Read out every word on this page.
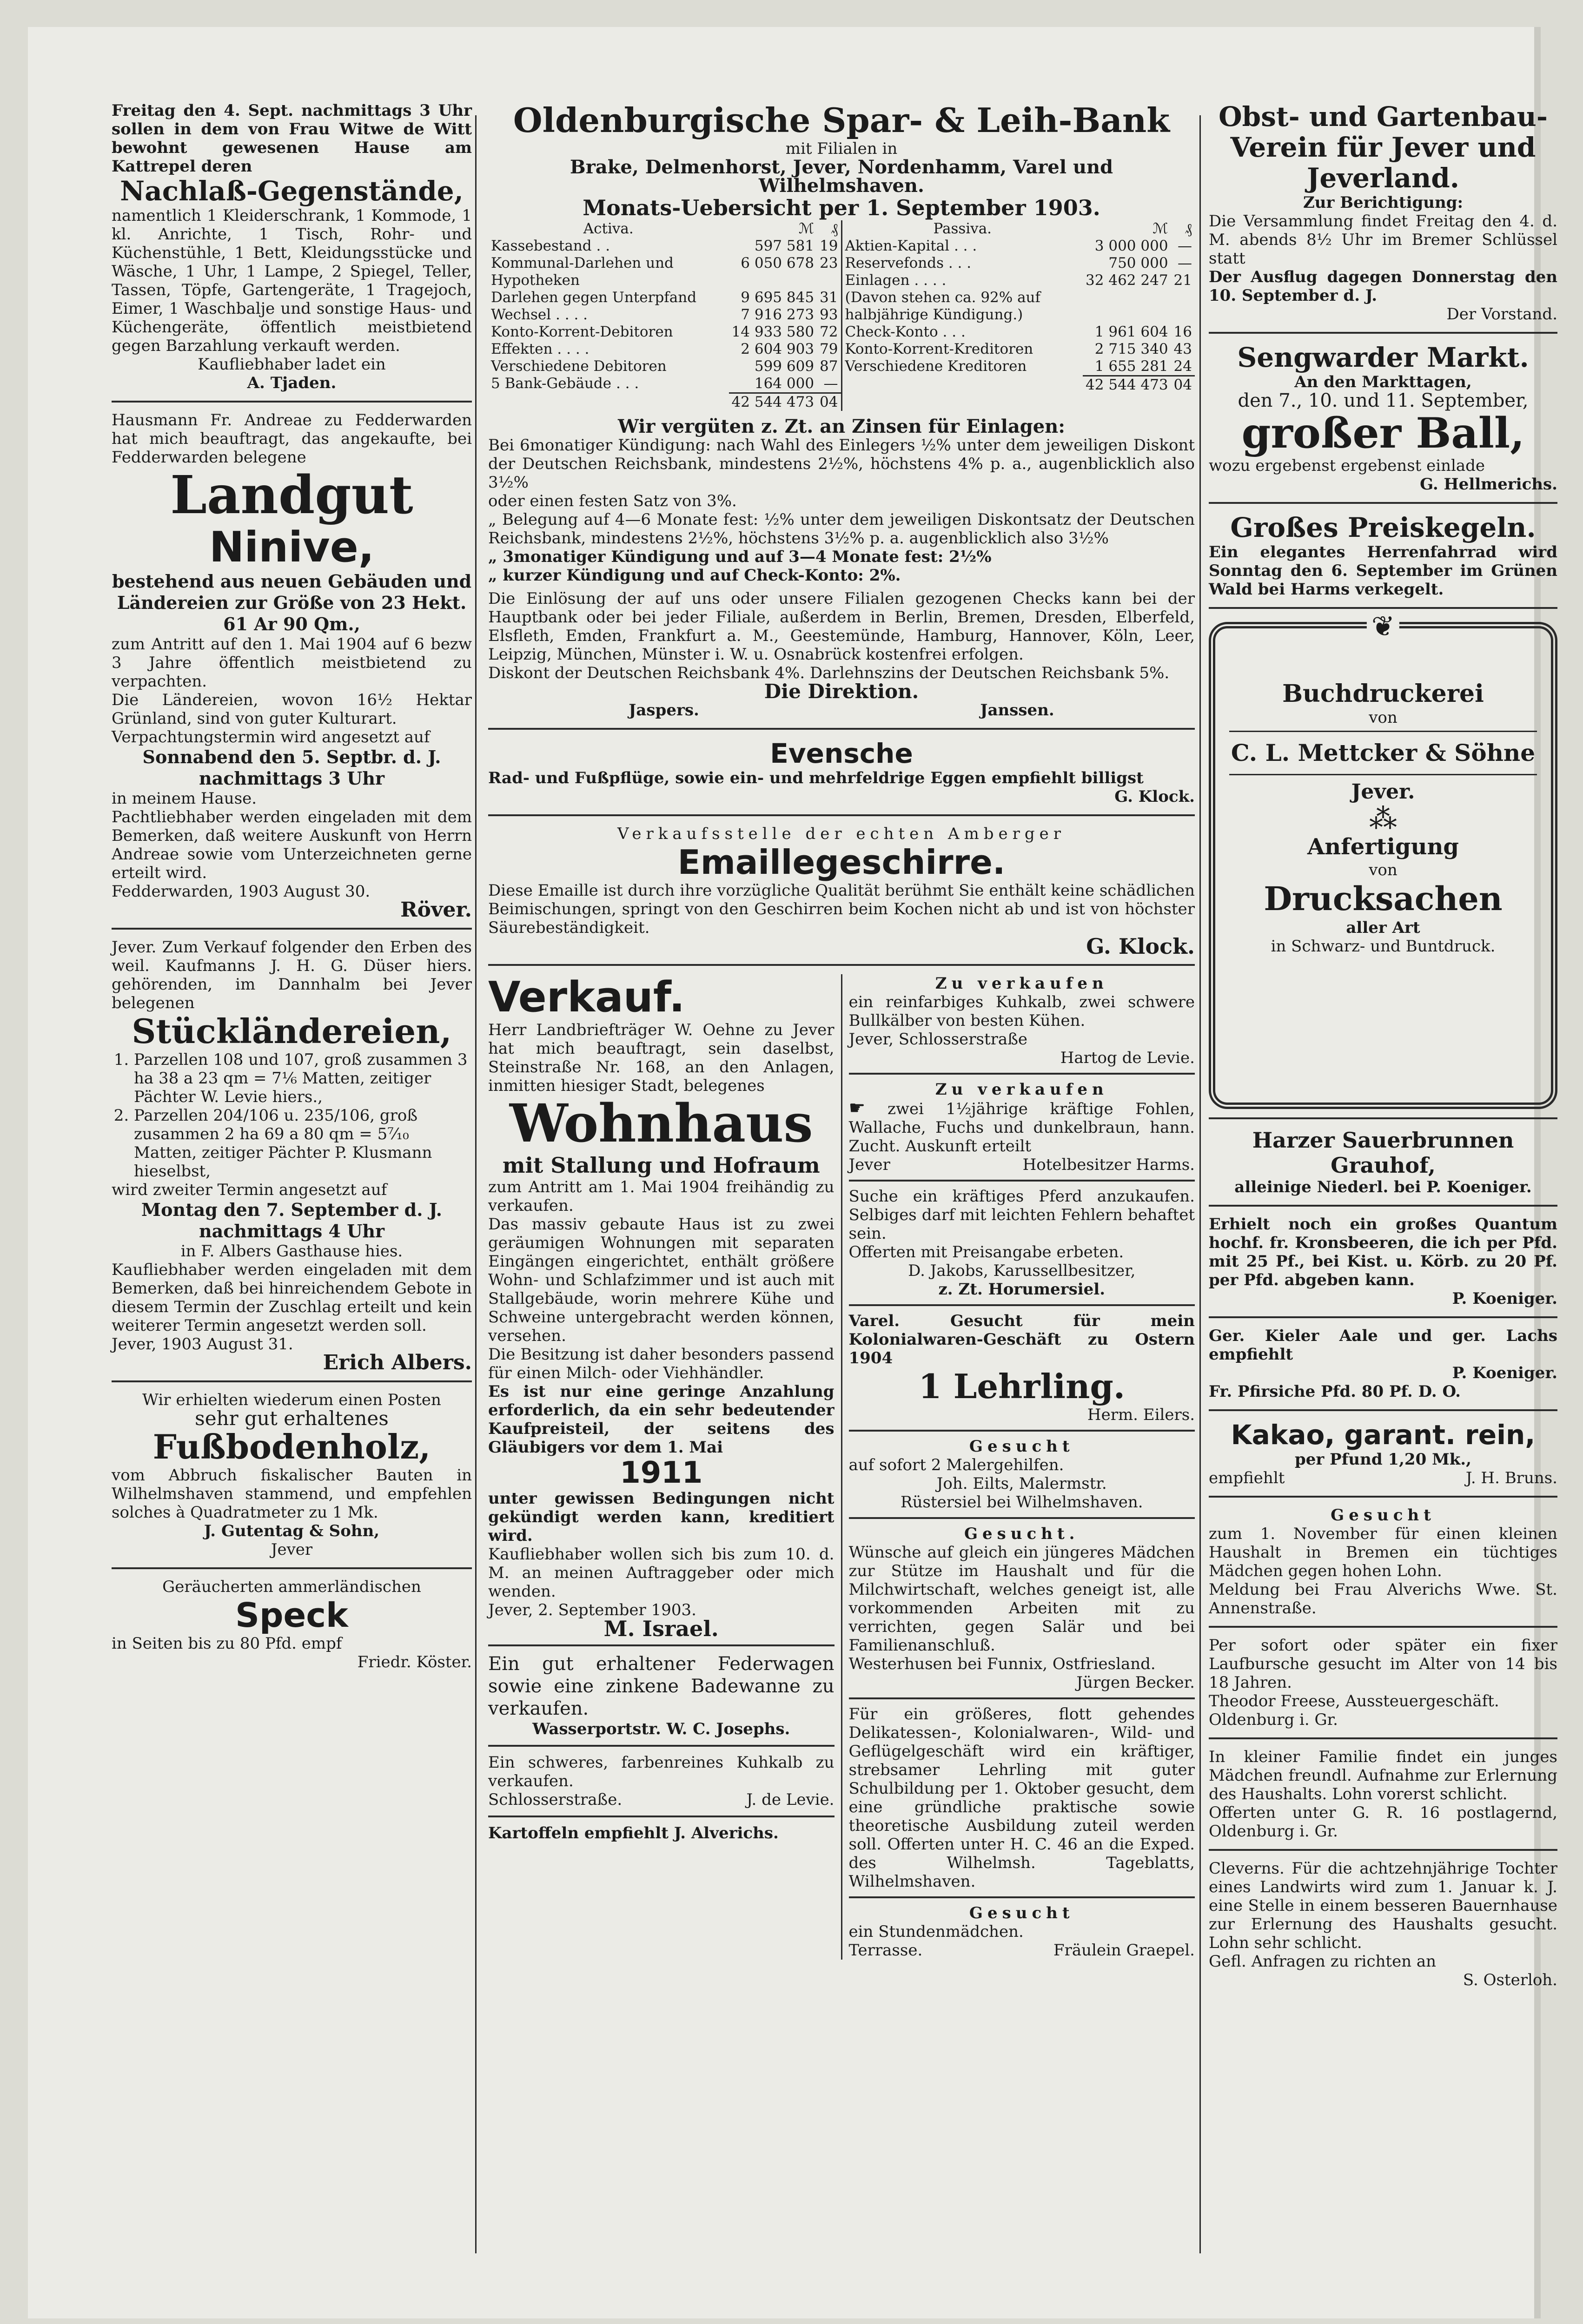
Freitag den 4. Sept. nachmittags 3 Uhr sollen in dem von Frau Witwe de Witt bewohnt gewesenen Hause am Kattrepel deren

Nachlaß-Gegenstände,

namentlich 1 Kleiderschrank, 1 Kommode, 1 kl. Anrichte, 1 Tisch, Rohr- und Küchenstühle, 1 Bett, Kleidungsstücke und Wäsche, 1 Uhr, 1 Lampe, 2 Spiegel, Teller, Tassen, Töpfe, Gartengeräte, 1 Tragejoch, Eimer, 1 Waschbalje und sonstige Haus- und Küchengeräte, öffentlich meistbietend gegen Barzahlung verkauft werden.

Kaufliebhaber ladet ein

A. Tjaden.

Hausmann Fr. Andreae zu Fedderwarden hat mich beauftragt, das angekaufte, bei Fedderwarden belegene

Landgut

Ninive,

bestehend aus neuen Gebäuden und Ländereien zur Größe von 23 Hekt. 61 Ar 90 Qm.,

zum Antritt auf den 1. Mai 1904 auf 6 bezw 3 Jahre öffentlich meistbietend zu verpachten.

Die Ländereien, wovon 16½ Hektar Grünland, sind von guter Kulturart.

Verpachtungstermin wird angesetzt auf

Sonnabend den 5. Septbr. d. J. nachmittags 3 Uhr

in meinem Hause.

Pachtliebhaber werden eingeladen mit dem Bemerken, daß weitere Auskunft von Herrn Andreae sowie vom Unterzeichneten gerne erteilt wird.

Fedderwarden, 1903 August 30.

Röver.

Jever. Zum Verkauf folgender den Erben des weil. Kaufmanns J. H. G. Düser hiers. gehörenden, im Dannhalm bei Jever belegenen

Stückländereien,

1. Parzellen 108 und 107, groß zusammen 3 ha 38 a 23 qm = 7⅙ Matten, zeitiger Pächter W. Levie hiers.,
2. Parzellen 204/106 u. 235/106, groß zusammen 2 ha 69 a 80 qm = 5⁷⁄₁₀ Matten, zeitiger Pächter P. Klusmann hieselbst,

wird zweiter Termin angesetzt auf

Montag den 7. September d. J. nachmittags 4 Uhr

in F. Albers Gasthause hies.

Kaufliebhaber werden eingeladen mit dem Bemerken, daß bei hinreichendem Gebote in diesem Termin der Zuschlag erteilt und kein weiterer Termin angesetzt werden soll.

Jever, 1903 August 31.

Erich Albers.

Wir erhielten wiederum einen Posten

sehr gut erhaltenes

Fußbodenholz,

vom Abbruch fiskalischer Bauten in Wilhelmshaven stammend, und empfehlen solches à Quadratmeter zu 1 Mk.

J. Gutentag & Sohn,

Jever

Geräucherten ammerländischen

Speck

in Seiten bis zu 80 Pfd. empf

Friedr. Köster.

Oldenburgische Spar- & Leih-Bank

mit Filialen in

Brake, Delmenhorst, Jever, Nordenhamm, Varel und Wilhelmshaven.

Monats-Uebersicht per 1. September 1903.

Activa.	ℳ	₰
Kassebestand . .	597 581	19
Kommunal-Darlehen und Hypotheken	6 050 678	23
Darlehen gegen Unterpfand	9 695 845	31
Wechsel . . . .	7 916 273	93
Konto-Korrent-Debitoren	14 933 580	72
Effekten . . . .	2 604 903	79
Verschiedene Debitoren	599 609	87
5 Bank-Gebäude . . .	164 000	—
	42 544 473	04
Passiva.	ℳ	₰
Aktien-Kapital . . .	3 000 000	—
Reservefonds . . .	750 000	—
Einlagen . . . .	32 462 247	21
(Davon stehen ca. 92% auf halbjährige Kündigung.)		
Check-Konto . . .	1 961 604	16
Konto-Korrent-Kreditoren	2 715 340	43
Verschiedene Kreditoren	1 655 281	24
	42 544 473	04

Wir vergüten z. Zt. an Zinsen für Einlagen:

Bei 6monatiger Kündigung: nach Wahl des Einlegers ½% unter dem jeweiligen Diskont der Deutschen Reichsbank, mindestens 2½%, höchstens 4% p. a., augenblicklich also 3½%

oder einen festen Satz von 3%.

„ Belegung auf 4—6 Monate fest: ½% unter dem jeweiligen Diskontsatz der Deutschen Reichsbank, mindestens 2½%, höchstens 3½% p. a. augenblicklich also 3½%

„ 3monatiger Kündigung und auf 3—4 Monate fest: 2½%

„ kurzer Kündigung und auf Check-Konto: 2%.

Die Einlösung der auf uns oder unsere Filialen gezogenen Checks kann bei der Hauptbank oder bei jeder Filiale, außerdem in Berlin, Bremen, Dresden, Elberfeld, Elsfleth, Emden, Frankfurt a. M., Geestemünde, Hamburg, Hannover, Köln, Leer, Leipzig, München, Münster i. W. u. Osnabrück kostenfrei erfolgen.

Diskont der Deutschen Reichsbank 4%. Darlehnszins der Deutschen Reichsbank 5%.

Die Direktion.

Jaspers.	Janssen.

Evensche

Rad- und Fußpflüge, sowie ein- und mehrfeldrige Eggen empfiehlt billigst

G. Klock.

Verkaufsstelle der echten Amberger

Emaillegeschirre.

Diese Emaille ist durch ihre vorzügliche Qualität berühmt Sie enthält keine schädlichen Beimischungen, springt von den Geschirren beim Kochen nicht ab und ist von höchster Säurebeständigkeit.

G. Klock.

Verkauf.

Herr Landbriefträger W. Oehne zu Jever hat mich beauftragt, sein daselbst, Steinstraße Nr. 168, an den Anlagen, inmitten hiesiger Stadt, belegenes

Wohnhaus

mit Stallung und Hofraum

zum Antritt am 1. Mai 1904 freihändig zu verkaufen.

Das massiv gebaute Haus ist zu zwei geräumigen Wohnungen mit separaten Eingängen eingerichtet, enthält größere Wohn- und Schlafzimmer und ist auch mit Stallgebäude, worin mehrere Kühe und Schweine untergebracht werden können, versehen.

Die Besitzung ist daher besonders passend für einen Milch- oder Viehhändler.

Es ist nur eine geringe Anzahlung erforderlich, da ein sehr bedeutender Kaufpreisteil, der seitens des Gläubigers vor dem 1. Mai

1911

unter gewissen Bedingungen nicht gekündigt werden kann, kreditiert wird.

Kaufliebhaber wollen sich bis zum 10. d. M. an meinen Auftraggeber oder mich wenden.

Jever, 2. September 1903.

M. Israel.

Ein gut erhaltener Federwagen sowie eine zinkene Badewanne zu verkaufen.

Wasserportstr. W. C. Josephs.

Ein schweres, farbenreines Kuhkalb zu verkaufen.

Schlosserstraße.	J. de Levie.

Kartoffeln empfiehlt J. Alverichs.

Zu verkaufen

ein reinfarbiges Kuhkalb, zwei schwere Bullkälber von besten Kühen.

Jever, Schlosserstraße

Hartog de Levie.

Zu verkaufen

☛ zwei 1½jährige kräftige Fohlen, Wallache, Fuchs und dunkelbraun, hann. Zucht. Auskunft erteilt

Jever	Hotelbesitzer Harms.

Suche ein kräftiges Pferd anzukaufen. Selbiges darf mit leichten Fehlern behaftet sein.

Offerten mit Preisangabe erbeten.

D. Jakobs, Karussellbesitzer,

z. Zt. Horumersiel.

Varel. Gesucht für mein Kolonialwaren-Geschäft zu Ostern 1904

1 Lehrling.

Herm. Eilers.

Gesucht

auf sofort 2 Malergehilfen.

Joh. Eilts, Malermstr.

Rüstersiel bei Wilhelmshaven.

Gesucht.

Wünsche auf gleich ein jüngeres Mädchen zur Stütze im Haushalt und für die Milchwirtschaft, welches geneigt ist, alle vorkommenden Arbeiten mit zu verrichten, gegen Salär und bei Familienanschluß.

Westerhusen bei Funnix, Ostfriesland.

Jürgen Becker.

Für ein größeres, flott gehendes Delikatessen-, Kolonialwaren-, Wild- und Geflügelgeschäft wird ein kräftiger, strebsamer Lehrling mit guter Schulbildung per 1. Oktober gesucht, dem eine gründliche praktische sowie theoretische Ausbildung zuteil werden soll. Offerten unter H. C. 46 an die Exped. des Wilhelmsh. Tageblatts, Wilhelmshaven.

Gesucht

ein Stundenmädchen.

Terrasse.	Fräulein Graepel.

Obst- und Gartenbau-Verein für Jever und Jeverland.

Zur Berichtigung:

Die Versammlung findet Freitag den 4. d. M. abends 8½ Uhr im Bremer Schlüssel statt

Der Ausflug dagegen Donnerstag den 10. September d. J.

Der Vorstand.

Sengwarder Markt.

An den Markttagen,

den 7., 10. und 11. September,

großer Ball,

wozu ergebenst ergebenst einlade

G. Hellmerichs.

Großes Preiskegeln.

Ein elegantes Herrenfahrrad wird Sonntag den 6. September im Grünen Wald bei Harms verkegelt.

❦

Buchdruckerei

von

C. L. Mettcker & Söhne

Jever.

⁂

Anfertigung

von

Drucksachen

aller Art

in Schwarz- und Buntdruck.

Harzer Sauerbrunnen Grauhof,

alleinige Niederl. bei P. Koeniger.

Erhielt noch ein großes Quantum hochf. fr. Kronsbeeren, die ich per Pfd. mit 25 Pf., bei Kist. u. Körb. zu 20 Pf. per Pfd. abgeben kann.

P. Koeniger.

Ger. Kieler Aale und ger. Lachs empfiehlt

P. Koeniger.

Fr. Pfirsiche Pfd. 80 Pf. D. O.

Kakao, garant. rein,

per Pfund 1,20 Mk.,

empfiehlt	J. H. Bruns.

Gesucht

zum 1. November für einen kleinen Haushalt in Bremen ein tüchtiges Mädchen gegen hohen Lohn.

Meldung bei Frau Alverichs Wwe. St. Annenstraße.

Per sofort oder später ein fixer Laufbursche gesucht im Alter von 14 bis 18 Jahren.

Theodor Freese, Aussteuergeschäft.

Oldenburg i. Gr.

In kleiner Familie findet ein junges Mädchen freundl. Aufnahme zur Erlernung des Haushalts. Lohn vorerst schlicht.

Offerten unter G. R. 16 postlagernd, Oldenburg i. Gr.

Cleverns. Für die achtzehnjährige Tochter eines Landwirts wird zum 1. Januar k. J. eine Stelle in einem besseren Bauernhause zur Erlernung des Haushalts gesucht. Lohn sehr schlicht.

Gefl. Anfragen zu richten an

S. Osterloh.
